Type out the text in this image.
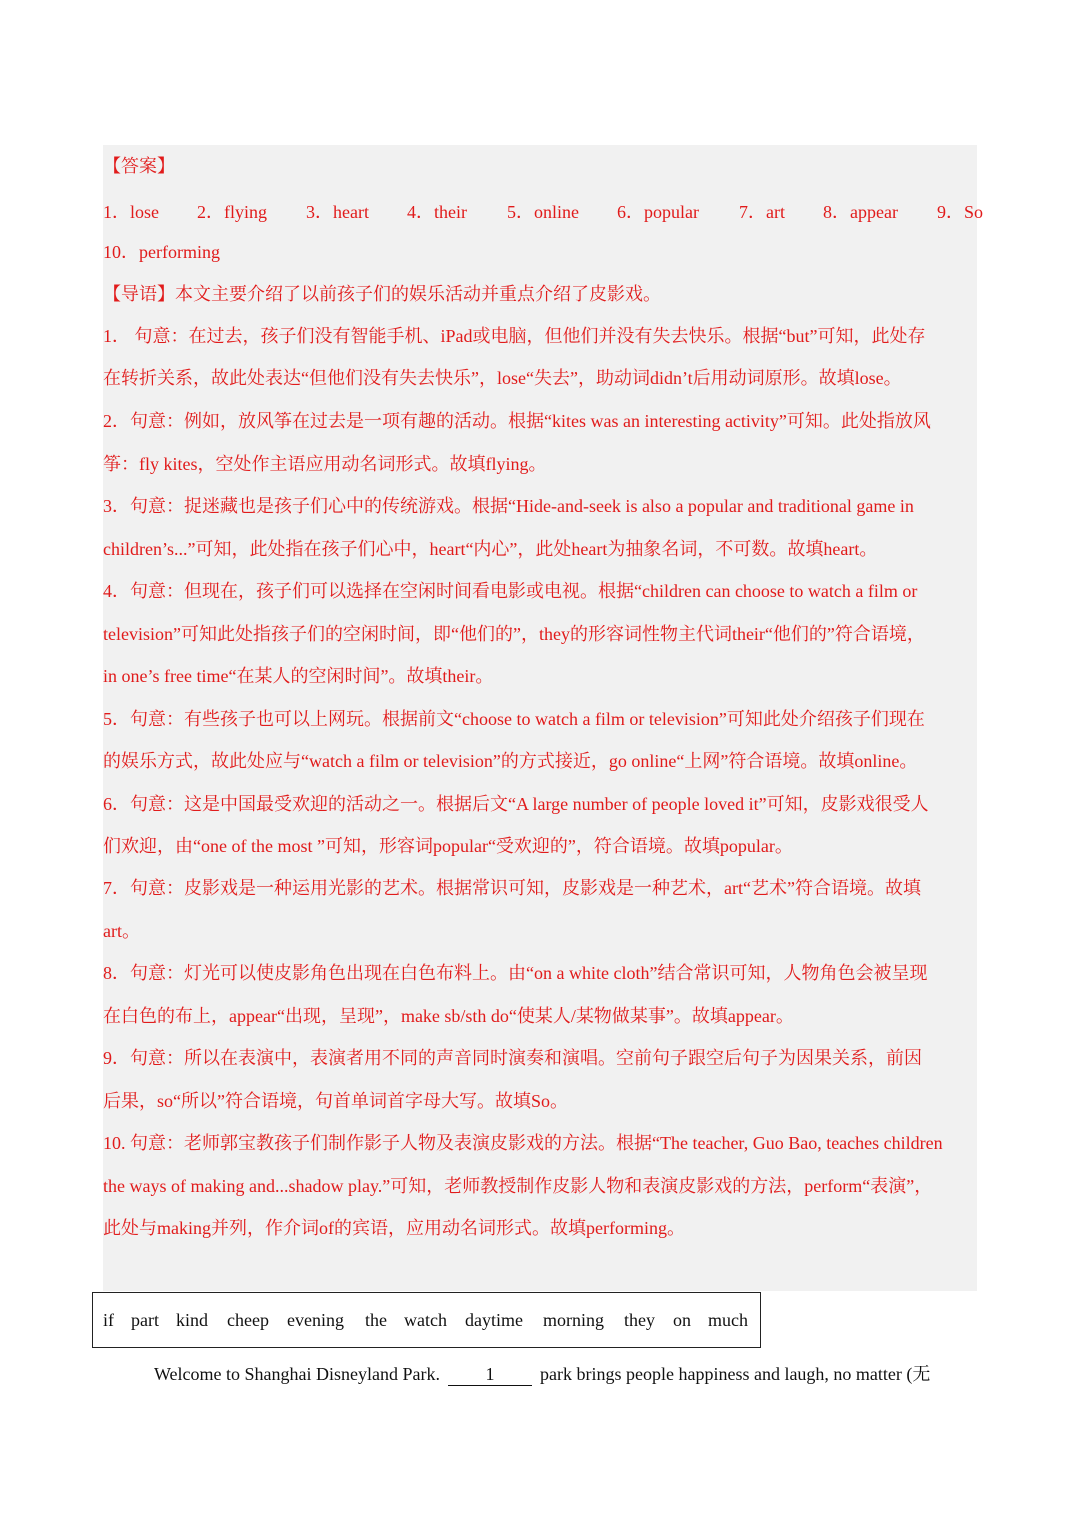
【答案】
1．lose 2．flying 3．heart 4．their 5．online 6．popular 7．art 8．appear 9．So
10．performing
【导语】本文主要介绍了以前孩子们的娱乐活动并重点介绍了皮影戏。
1． 句意：在过去，孩子们没有智能手机、iPad或电脑，但他们并没有失去快乐。根据“but”可知，此处存
在转折关系，故此处表达“但他们没有失去快乐”，lose“失去”，助动词didn’t后用动词原形。故填lose。
2．句意：例如，放风筝在过去是一项有趣的活动。根据“kites was an interesting activity”可知。此处指放风
筝：fly kites，空处作主语应用动名词形式。故填flying。
3．句意：捉迷藏也是孩子们心中的传统游戏。根据“Hide-and-seek is also a popular and traditional game in
children’s...”可知，此处指在孩子们心中，heart“内心”，此处heart为抽象名词，不可数。故填heart。
4．句意：但现在，孩子们可以选择在空闲时间看电影或电视。根据“children can choose to watch a film or
television”可知此处指孩子们的空闲时间，即“他们的”，they的形容词性物主代词their“他们的”符合语境，
in one’s free time“在某人的空闲时间”。故填their。
5．句意：有些孩子也可以上网玩。根据前文“choose to watch a film or television”可知此处介绍孩子们现在
的娱乐方式，故此处应与“watch a film or television”的方式接近，go online“上网”符合语境。故填online。
6．句意：这是中国最受欢迎的活动之一。根据后文“A large number of people loved it”可知，皮影戏很受人
们欢迎，由“one of the most ”可知，形容词popular“受欢迎的”，符合语境。故填popular。
7．句意：皮影戏是一种运用光影的艺术。根据常识可知，皮影戏是一种艺术，art“艺术”符合语境。故填
art。
8．句意：灯光可以使皮影角色出现在白色布料上。由“on a white cloth”结合常识可知，人物角色会被呈现
在白色的布上，appear“出现，呈现”，make sb/sth do“使某人/某物做某事”。故填appear。
9．句意：所以在表演中，表演者用不同的声音同时演奏和演唱。空前句子跟空后句子为因果关系，前因
后果，so“所以”符合语境，句首单词首字母大写。故填So。
10. 句意：老师郭宝教孩子们制作影子人物及表演皮影戏的方法。根据“The teacher, Guo Bao, teaches children
the ways of making and...shadow play.”可知，老师教授制作皮影人物和表演皮影戏的方法，perform“表演”，
此处与making并列，作介词of的宾语，应用动名词形式。故填performing。
if part kind cheep evening the watch daytime morning they on much
Welcome to Shanghai Disneyland Park.	1	park brings people happiness and laugh, no matter (无
